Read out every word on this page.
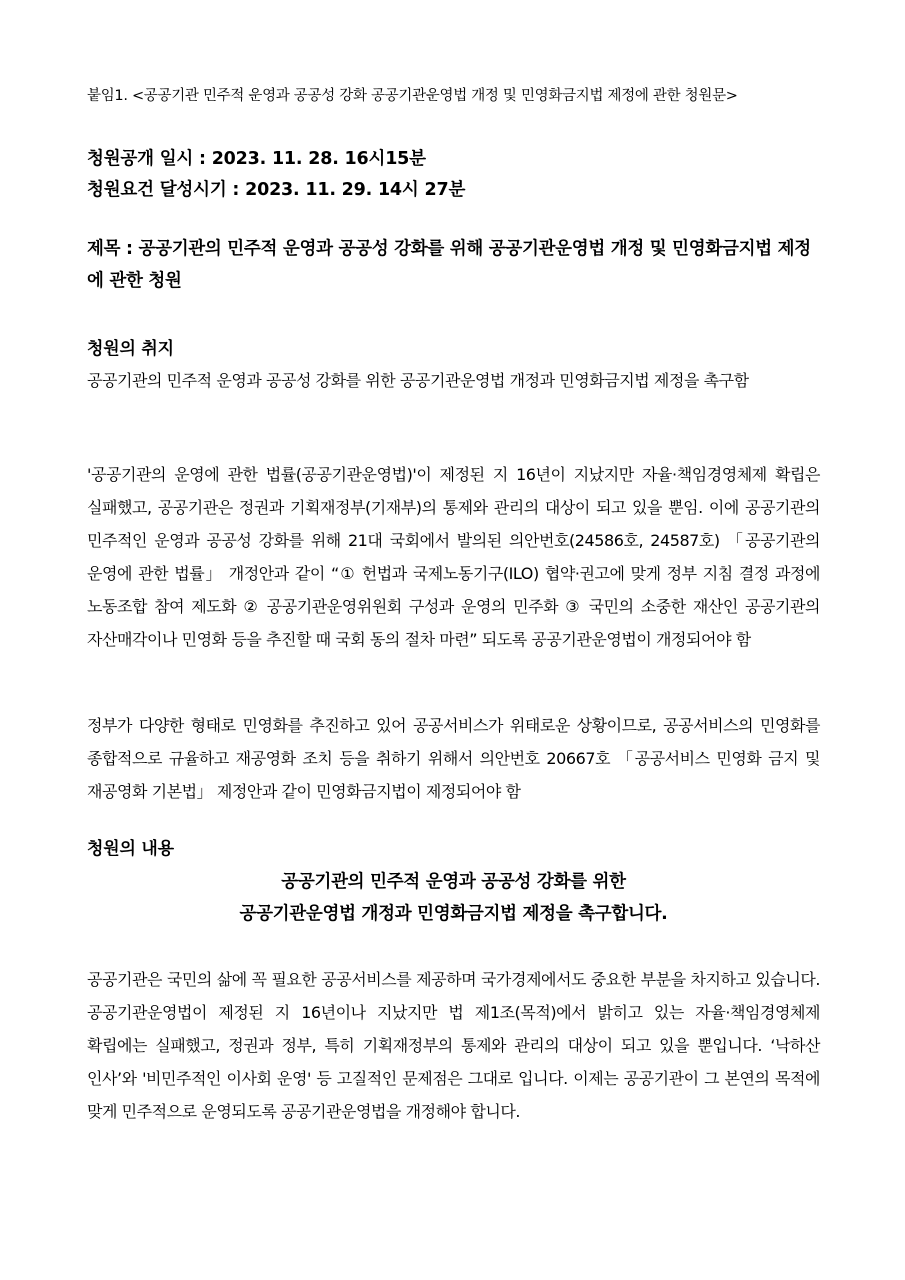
붙임1. <공공기관 민주적 운영과 공공성 강화 공공기관운영법 개정 및 민영화금지법 제정에 관한 청원문>
청원공개 일시 : 2023. 11. 28. 16시15분
청원요건 달성시기 : 2023. 11. 29. 14시 27분
제목 : 공공기관의 민주적 운영과 공공성 강화를 위해 공공기관운영법 개정 및 민영화금지법 제정에 관한 청원
청원의 취지
공공기관의 민주적 운영과 공공성 강화를 위한 공공기관운영법 개정과 민영화금지법 제정을 촉구함
'공공기관의 운영에 관한 법률(공공기관운영법)'이 제정된 지 16년이 지났지만 자율·책임경영체제 확립은 실패했고, 공공기관은 정권과 기획재정부(기재부)의 통제와 관리의 대상이 되고 있을 뿐임. 이에 공공기관의 민주적인 운영과 공공성 강화를 위해 21대 국회에서 발의된 의안번호(24586호, 24587호) 「공공기관의 운영에 관한 법률」 개정안과 같이 “① 헌법과 국제노동기구(ILO) 협약·권고에 맞게 정부 지침 결정 과정에 노동조합 참여 제도화 ② 공공기관운영위원회 구성과 운영의 민주화 ③ 국민의 소중한 재산인 공공기관의 자산매각이나 민영화 등을 추진할 때 국회 동의 절차 마련” 되도록 공공기관운영법이 개정되어야 함
정부가 다양한 형태로 민영화를 추진하고 있어 공공서비스가 위태로운 상황이므로, 공공서비스의 민영화를 종합적으로 규율하고 재공영화 조치 등을 취하기 위해서 의안번호 20667호 「공공서비스 민영화 금지 및 재공영화 기본법」 제정안과 같이 민영화금지법이 제정되어야 함
청원의 내용
공공기관의 민주적 운영과 공공성 강화를 위한
공공기관운영법 개정과 민영화금지법 제정을 촉구합니다.
공공기관은 국민의 삶에 꼭 필요한 공공서비스를 제공하며 국가경제에서도 중요한 부분을 차지하고 있습니다. 공공기관운영법이 제정된 지 16년이나 지났지만 법 제1조(목적)에서 밝히고 있는 자율·책임경영체제 확립에는 실패했고, 정권과 정부, 특히 기획재정부의 통제와 관리의 대상이 되고 있을 뿐입니다. ‘낙하산 인사’와 '비민주적인 이사회 운영' 등 고질적인 문제점은 그대로 입니다. 이제는 공공기관이 그 본연의 목적에 맞게 민주적으로 운영되도록 공공기관운영법을 개정해야 합니다.
